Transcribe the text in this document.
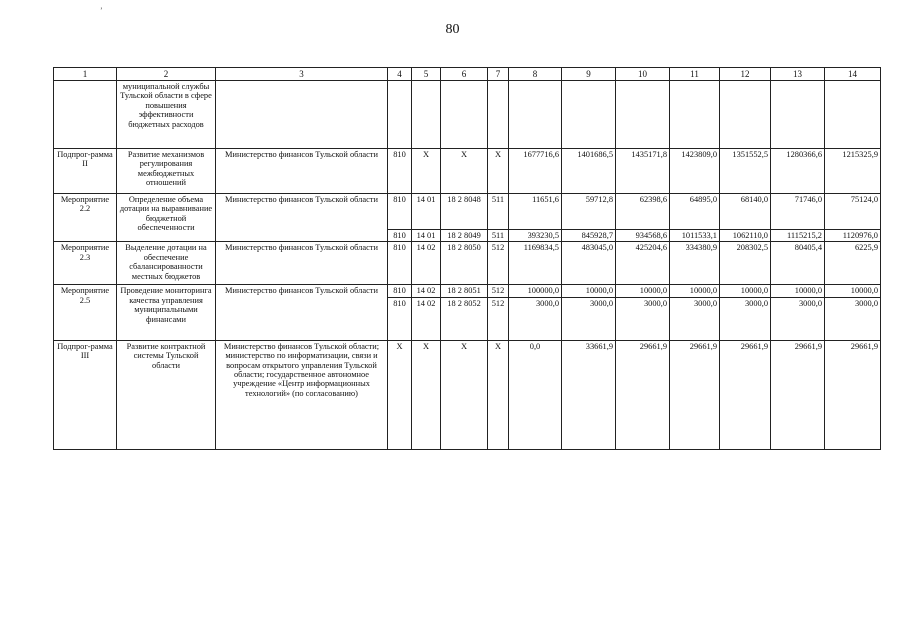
ʼ
80
1	2	3	4	5	6	7	8	9	10	11	12	13	14
	муниципальной службы Тульской области в сфере повышения эффективности бюджетных расходов												
Подпрог-рамма II	Развитие механизмов регулирования межбюджетных отношений	Министерство финансов Тульской области	810	X	X	X	1677716,6	1401686,5	1435171,8	1423809,0	1351552,5	1280366,6	1215325,9
Мероприятие 2.2	Определение объема дотации на выравнивание бюджетной обеспеченности	Министерство финансов Тульской области	810	14 01	18 2 8048	511	11651,6	59712,8	62398,6	64895,0	68140,0	71746,0	75124,0
			810	14 01	18 2 8049	511	393230,5	845928,7	934568,6	1011533,1	1062110,0	1115215,2	1120976,0
Мероприятие 2.3	Выделение дотации на обеспечение сбалансированности местных бюджетов	Министерство финансов Тульской области	810	14 02	18 2 8050	512	1169834,5	483045,0	425204,6	334380,9	208302,5	80405,4	6225,9
Мероприятие 2.5	Проведение мониторинга качества управления муниципальными финансами	Министерство финансов Тульской области	810	14 02	18 2 8051	512	100000,0	10000,0	10000,0	10000,0	10000,0	10000,0	10000,0
			810	14 02	18 2 8052	512	3000,0	3000,0	3000,0	3000,0	3000,0	3000,0	3000,0
Подпрог-рамма III	Развитие контрактной системы Тульской области	Министерство финансов Тульской области; министерство по информатизации, связи и вопросам открытого управления Тульской области; государственное автономное учреждение «Центр информационных технологий» (по согласованию)	X	X	X	X	0,0	33661,9	29661,9	29661,9	29661,9	29661,9	29661,9
